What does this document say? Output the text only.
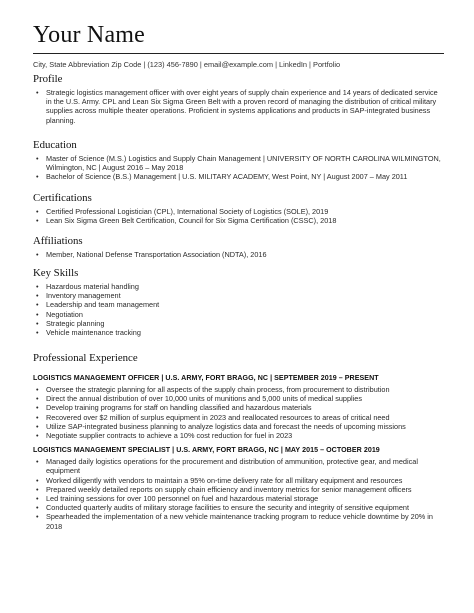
Your Name
City, State Abbreviation Zip Code | (123) 456-7890 | email@example.com | LinkedIn | Portfolio
Profile
• Strategic logistics management officer with over eight years of supply chain experience and 14 years of dedicated service in the U.S. Army. CPL and Lean Six Sigma Green Belt with a proven record of managing the distribution of critical military supplies across multiple theater operations. Proficient in systems applications and products in SAP-integrated business planning.
Education
• Master of Science (M.S.) Logistics and Supply Chain Management | UNIVERSITY OF NORTH CAROLINA WILMINGTON, Wilmington, NC | August 2016 – May 2018
• Bachelor of Science (B.S.) Management | U.S. MILITARY ACADEMY, West Point, NY | August 2007 – May 2011
Certifications
• Certified Professional Logistician (CPL), International Society of Logistics (SOLE), 2019
• Lean Six Sigma Green Belt Certification, Council for Six Sigma Certification (CSSC), 2018
Affiliations
• Member, National Defense Transportation Association (NDTA), 2016
Key Skills
• Hazardous material handling
• Inventory management
• Leadership and team management
• Negotiation
• Strategic planning
• Vehicle maintenance tracking
Professional Experience
LOGISTICS MANAGEMENT OFFICER | U.S. ARMY, FORT BRAGG, NC | SEPTEMBER 2019 – PRESENT
• Oversee the strategic planning for all aspects of the supply chain process, from procurement to distribution
• Direct the annual distribution of over 10,000 units of munitions and 5,000 units of medical supplies
• Develop training programs for staff on handling classified and hazardous materials
• Recovered over $2 million of surplus equipment in 2023 and reallocated resources to areas of critical need
• Utilize SAP-integrated business planning to analyze logistics data and forecast the needs of upcoming missions
• Negotiate supplier contracts to achieve a 10% cost reduction for fuel in 2023
LOGISTICS MANAGEMENT SPECIALIST | U.S. ARMY, FORT BRAGG, NC | MAY 2015 – OCTOBER 2019
• Managed daily logistics operations for the procurement and distribution of ammunition, protective gear, and medical equipment
• Worked diligently with vendors to maintain a 95% on-time delivery rate for all military equipment and resources
• Prepared weekly detailed reports on supply chain efficiency and inventory metrics for senior management officers
• Led training sessions for over 100 personnel on fuel and hazardous material storage
• Conducted quarterly audits of military storage facilities to ensure the security and integrity of sensitive equipment
• Spearheaded the implementation of a new vehicle maintenance tracking program to reduce vehicle downtime by 20% in 2018
